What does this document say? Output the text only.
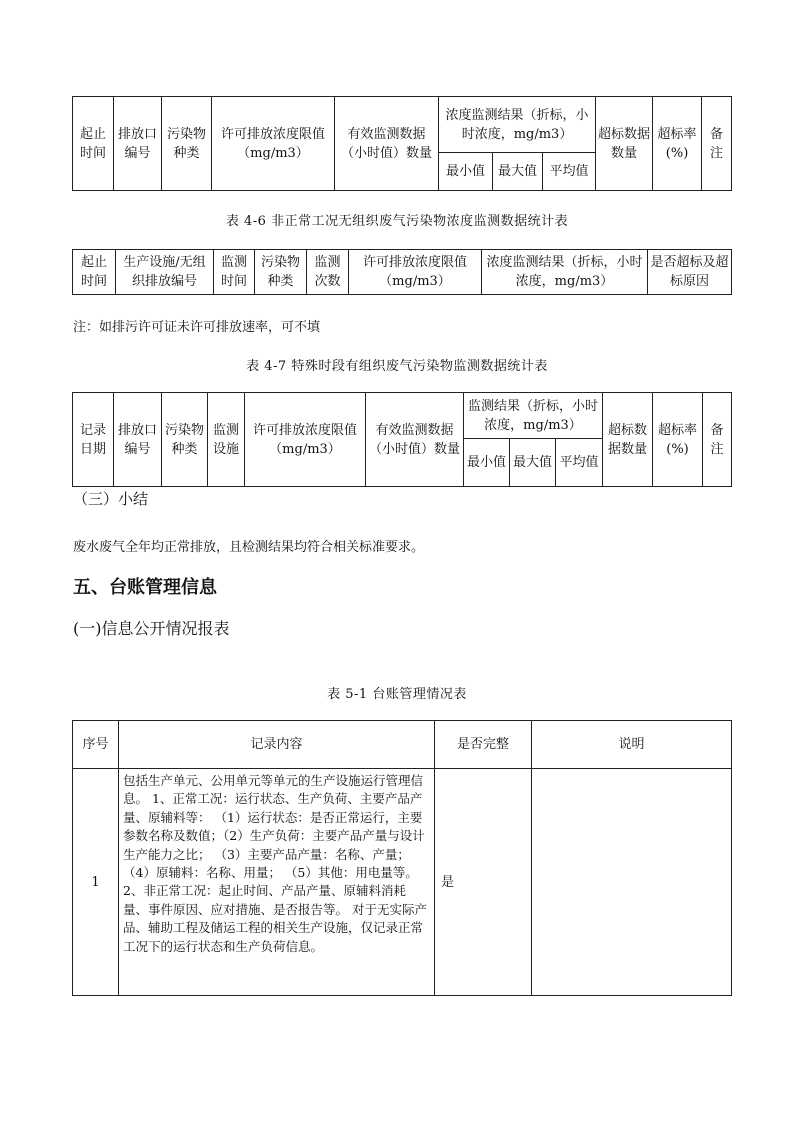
起止时间	排放口编号	污染物种类	许可排放浓度限值（mg/m3）	有效监测数据（小时值）数量	浓度监测结果（折标，小时浓度，mg/m3）			超标数据数量	超标率(%)	备注
					最小值	最大值	平均值			
表 4-6 非正常工况无组织废气污染物浓度监测数据统计表
起止时间	生产设施/无组织排放编号	监测时间	污染物种类	监测次数	许可排放浓度限值（mg/m3）	浓度监测结果（折标，小时浓度，mg/m3）	是否超标及超标原因
注：如排污许可证未许可排放速率，可不填
表 4-7 特殊时段有组织废气污染物监测数据统计表
记录日期	排放口编号	污染物种类	监测设施	许可排放浓度限值（mg/m3）	有效监测数据（小时值）数量	监测结果（折标，小时浓度，mg/m3）			超标数据数量	超标率(%)	备注
						最小值	最大值	平均值			
（三）小结
废水废气全年均正常排放，且检测结果均符合相关标准要求。
五、台账管理信息
(一)信息公开情况报表
表 5-1 台账管理情况表
序号	记录内容	是否完整	说明
1	包括生产单元、公用单元等单元的生产设施运行管理信息。 1、正常工况：运行状态、生产负荷、主要产品产量、原辅料等： （1）运行状态：是否正常运行，主要参数名称及数值；（2）生产负荷：主要产品产量与设计生产能力之比； （3）主要产品产量：名称、产量；（4）原辅料：名称、用量； （5）其他：用电量等。 2、非正常工况：起止时间、产品产量、原辅料消耗量、事件原因、应对措施、是否报告等。 对于无实际产品、辅助工程及储运工程的相关生产设施，仅记录正常工况下的运行状态和生产负荷信息。	是	
